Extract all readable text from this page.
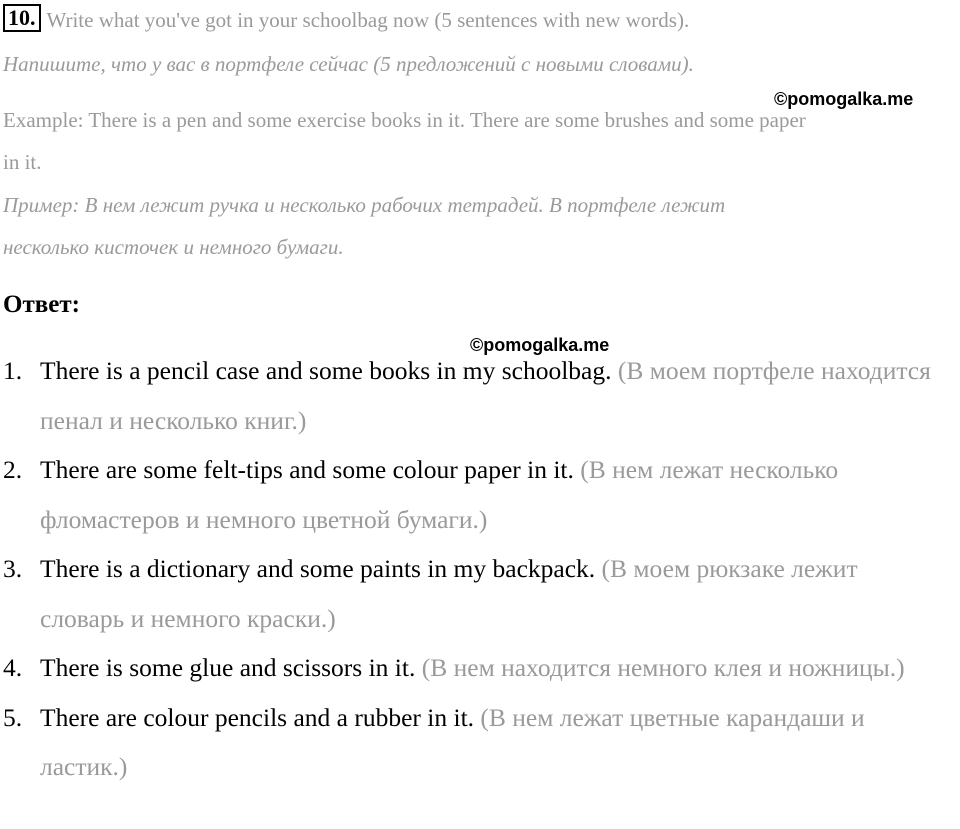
10. Write what you've got in your schoolbag now (5 sentences with new words).
Напишите, что у вас в портфеле сейчас (5 предложений с новыми словами).
©pomogalka.me
Example: There is a pen and some exercise books in it. There are some brushes and some paper
in it.
Пример: В нем лежит ручка и несколько рабочих тетрадей. В портфеле лежит
несколько кисточек и немного бумаги.
Ответ:
©pomogalka.me
1. There is a pencil case and some books in my schoolbag. (В моем портфеле находится пенал и несколько книг.)
2. There are some felt-tips and some colour paper in it. (В нем лежат несколько фломастеров и немного цветной бумаги.)
3. There is a dictionary and some paints in my backpack. (В моем рюкзаке лежит словарь и немного краски.)
4. There is some glue and scissors in it. (В нем находится немного клея и ножницы.)
5. There are colour pencils and a rubber in it. (В нем лежат цветные карандаши и ластик.)
